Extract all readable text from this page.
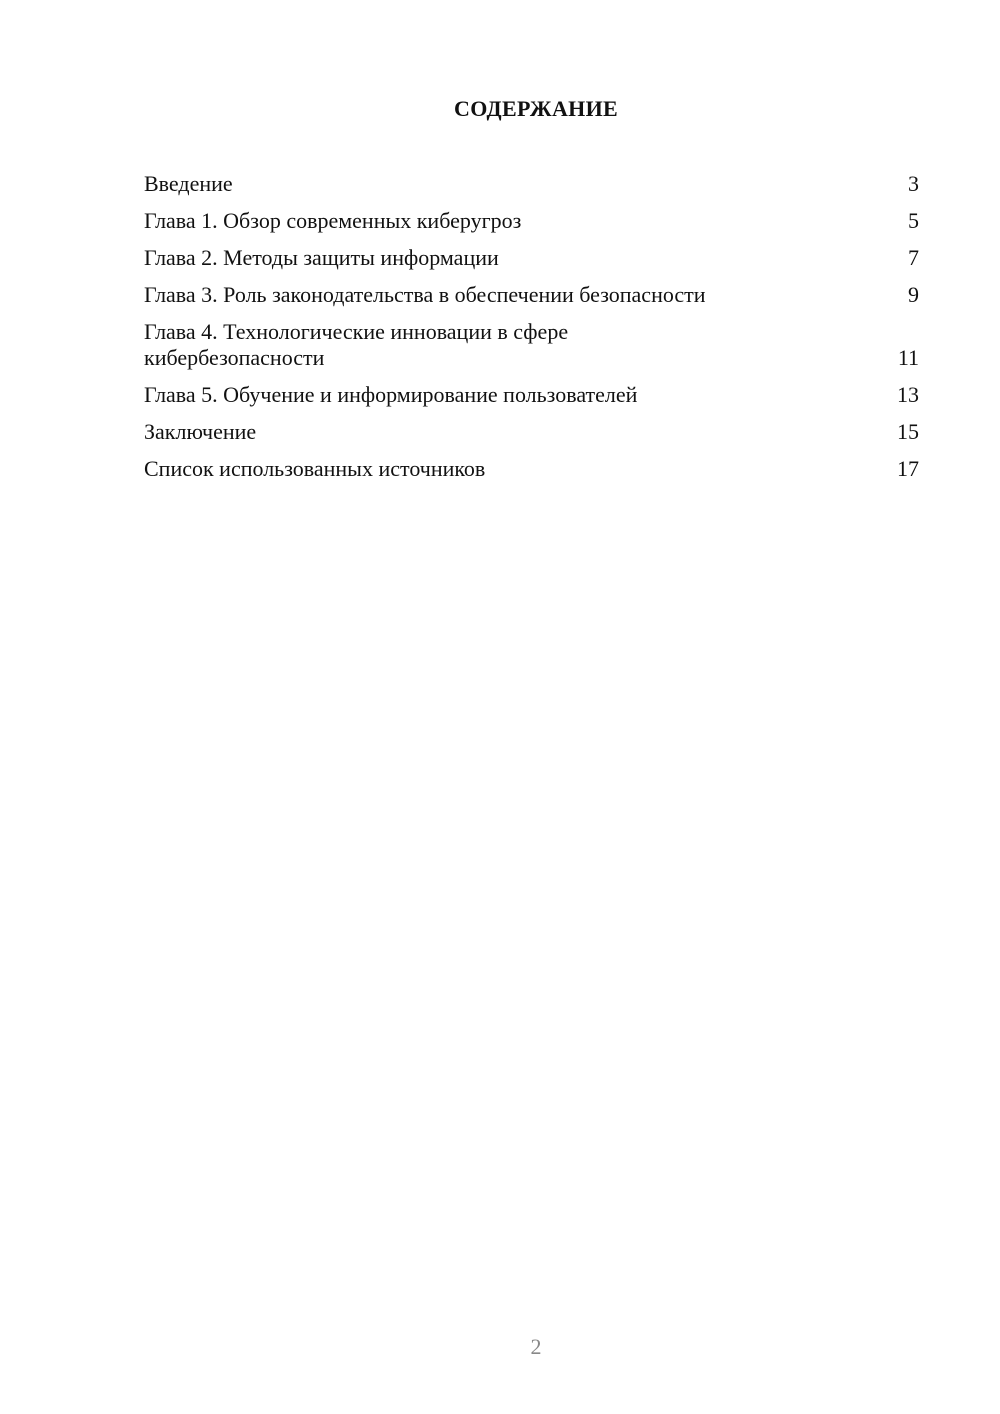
СОДЕРЖАНИЕ
Введение	3
Глава 1. Обзор современных киберугроз	5
Глава 2. Методы защиты информации	7
Глава 3. Роль законодательства в обеспечении безопасности	9
Глава 4. Технологические инновации в сфере кибербезопасности	11
Глава 5. Обучение и информирование пользователей	13
Заключение	15
Список использованных источников	17
2
